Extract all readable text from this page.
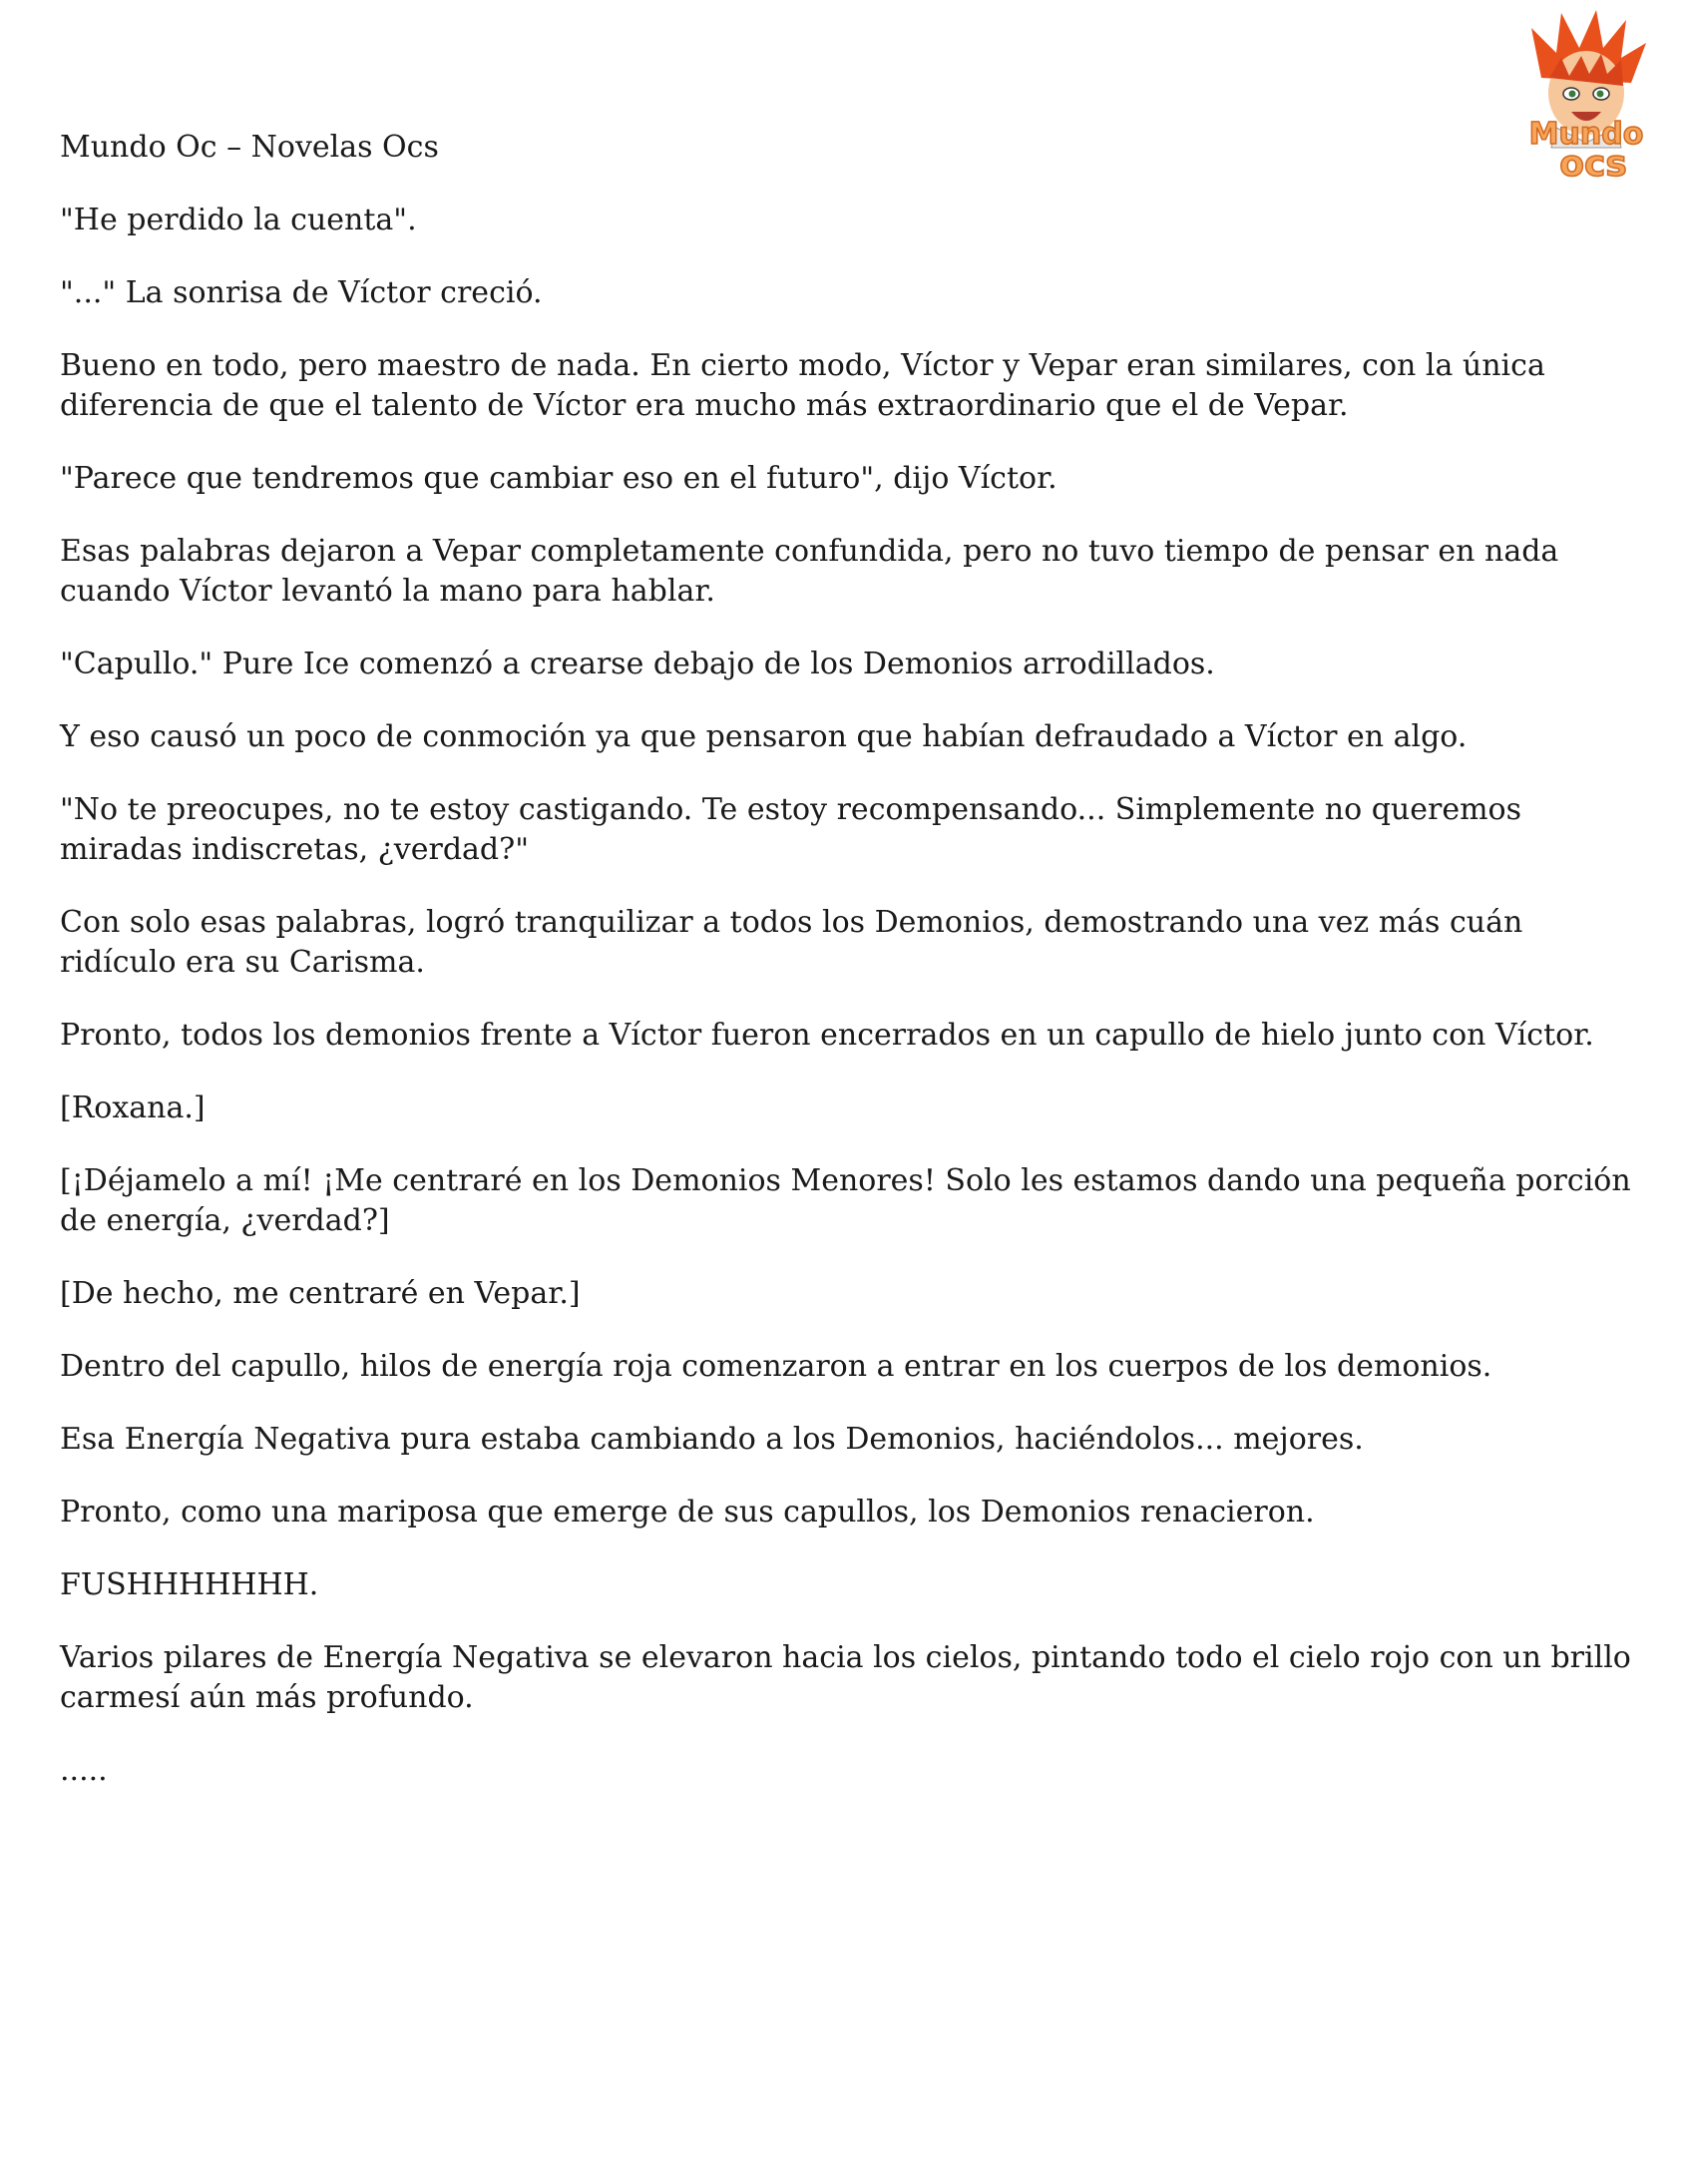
Mundo
ocs

Mundo Oc – Novelas Ocs

"He perdido la cuenta".

"..." La sonrisa de Víctor creció.

Bueno en todo, pero maestro de nada. En cierto modo, Víctor y Vepar eran similares, con la única diferencia de que el talento de Víctor era mucho más extraordinario que el de Vepar.

"Parece que tendremos que cambiar eso en el futuro", dijo Víctor.

Esas palabras dejaron a Vepar completamente confundida, pero no tuvo tiempo de pensar en nada cuando Víctor levantó la mano para hablar.

"Capullo." Pure Ice comenzó a crearse debajo de los Demonios arrodillados.

Y eso causó un poco de conmoción ya que pensaron que habían defraudado a Víctor en algo.

"No te preocupes, no te estoy castigando. Te estoy recompensando... Simplemente no queremos miradas indiscretas, ¿verdad?"

Con solo esas palabras, logró tranquilizar a todos los Demonios, demostrando una vez más cuán ridículo era su Carisma.

Pronto, todos los demonios frente a Víctor fueron encerrados en un capullo de hielo junto con Víctor.

[Roxana.]

[¡Déjamelo a mí! ¡Me centraré en los Demonios Menores! Solo les estamos dando una pequeña porción de energía, ¿verdad?]

[De hecho, me centraré en Vepar.]

Dentro del capullo, hilos de energía roja comenzaron a entrar en los cuerpos de los demonios.

Esa Energía Negativa pura estaba cambiando a los Demonios, haciéndolos... mejores.

Pronto, como una mariposa que emerge de sus capullos, los Demonios renacieron.

FUSHHHHHHH.

Varios pilares de Energía Negativa se elevaron hacia los cielos, pintando todo el cielo rojo con un brillo carmesí aún más profundo.

.....
